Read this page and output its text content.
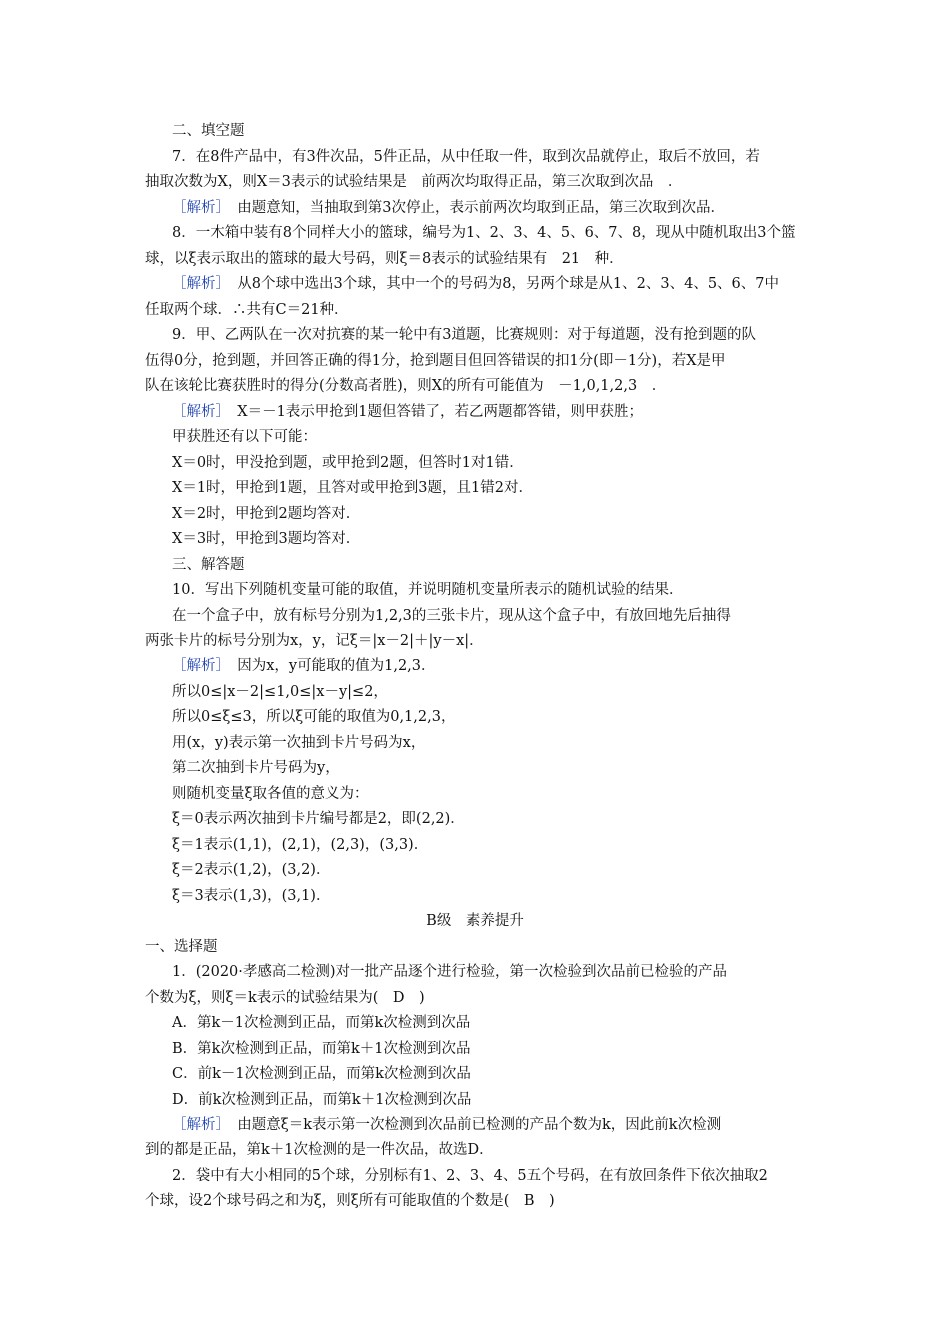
二、填空题
7．在8件产品中，有3件次品，5件正品，从中任取一件，取到次品就停止，取后不放回，若
抽取次数为X，则X＝3表示的试验结果是　前两次均取得正品，第三次取到次品　．
［解析］　由题意知，当抽取到第3次停止，表示前两次均取到正品，第三次取到次品．
8．一木箱中装有8个同样大小的篮球，编号为1、2、3、4、5、6、7、8，现从中随机取出3个篮
球，以ξ表示取出的篮球的最大号码，则ξ＝8表示的试验结果有　21　种．
［解析］　从8个球中选出3个球，其中一个的号码为8，另两个球是从1、2、3、4、5、6、7中
任取两个球．∴共有C＝21种．
9．甲、乙两队在一次对抗赛的某一轮中有3道题，比赛规则：对于每道题，没有抢到题的队
伍得0分，抢到题，并回答正确的得1分，抢到题目但回答错误的扣1分(即－1分)，若X是甲
队在该轮比赛获胜时的得分(分数高者胜)，则X的所有可能值为　－1,0,1,2,3　．
［解析］　X＝－1表示甲抢到1题但答错了，若乙两题都答错，则甲获胜；
甲获胜还有以下可能：
X＝0时，甲没抢到题，或甲抢到2题，但答时1对1错．
X＝1时，甲抢到1题，且答对或甲抢到3题，且1错2对．
X＝2时，甲抢到2题均答对．
X＝3时，甲抢到3题均答对．
三、解答题
10．写出下列随机变量可能的取值，并说明随机变量所表示的随机试验的结果．
在一个盒子中，放有标号分别为1,2,3的三张卡片，现从这个盒子中，有放回地先后抽得
两张卡片的标号分别为x，y，记ξ＝|x－2|＋|y－x|．
［解析］　因为x，y可能取的值为1,2,3．
所以0≤|x－2|≤1,0≤|x－y|≤2，
所以0≤ξ≤3，所以ξ可能的取值为0,1,2,3，
用(x，y)表示第一次抽到卡片号码为x，
第二次抽到卡片号码为y，
则随机变量ξ取各值的意义为：
ξ＝0表示两次抽到卡片编号都是2，即(2,2)．
ξ＝1表示(1,1)，(2,1)，(2,3)，(3,3)．
ξ＝2表示(1,2)，(3,2)．
ξ＝3表示(1,3)，(3,1)．
B级　素养提升
一、选择题
1．(2020·孝感高二检测)对一批产品逐个进行检验，第一次检验到次品前已检验的产品
个数为ξ，则ξ＝k表示的试验结果为(　D　)
A．第k－1次检测到正品，而第k次检测到次品
B．第k次检测到正品，而第k＋1次检测到次品
C．前k－1次检测到正品，而第k次检测到次品
D．前k次检测到正品，而第k＋1次检测到次品
［解析］　由题意ξ＝k表示第一次检测到次品前已检测的产品个数为k，因此前k次检测
到的都是正品，第k＋1次检测的是一件次品，故选D．
2．袋中有大小相同的5个球，分别标有1、2、3、4、5五个号码，在有放回条件下依次抽取2
个球，设2个球号码之和为ξ，则ξ所有可能取值的个数是(　B　)
